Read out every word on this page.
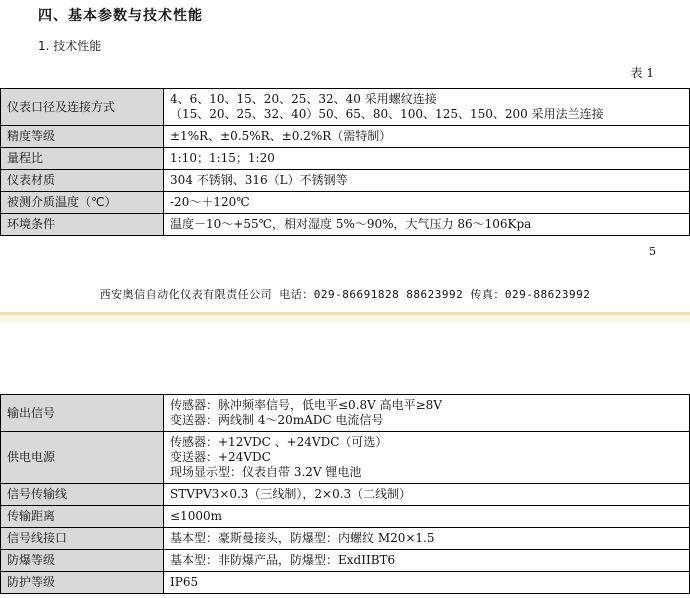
四、基本参数与技术性能
1. 技术性能
表 1
仪表口径及连接方式	4、6、10、15、20、25、32、40 采用螺纹连接
（15、20、25、32、40）50、65、80、100、125、150、200 采用法兰连接

精度等级	±1%R、±0.5%R、±0.2%R（需特制）

量程比	1:10；1:15；1:20

仪表材质	304 不锈钢、316（L）不锈钢等

被测介质温度（℃）	-20～＋120℃

环境条件	温度－10～+55℃，相对湿度 5%～90%，大气压力 86～106Kpa
5
西安奥信自动化仪表有限责任公司 电话：029-86691828 88623992 传真：029-88623992
输出信号	传感器：脉冲频率信号，低电平≤0.8V 高电平≥8V
变送器：两线制 4～20mADC 电流信号

供电电源	传感器：+12VDC 、+24VDC（可选）
变送器：+24VDC
现场显示型：仪表自带 3.2V 锂电池

信号传输线	STVPV3×0.3（三线制），2×0.3（二线制）

传输距离	≤1000m

信号线接口	基本型：豪斯曼接头，防爆型：内螺纹 M20×1.5

防爆等级	基本型：非防爆产品，防爆型：ExdIIBT6

防护等级	IP65
